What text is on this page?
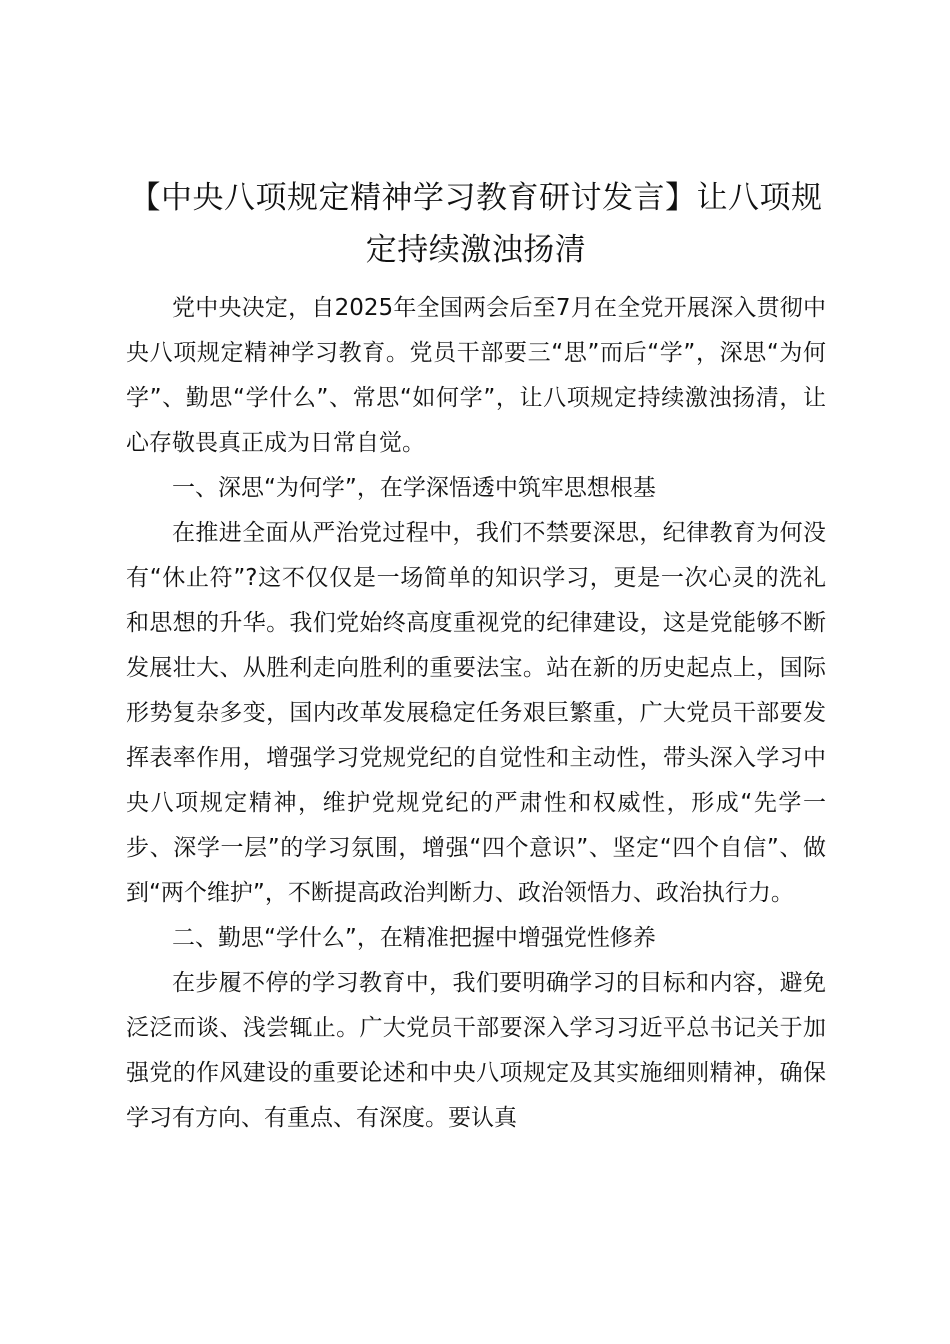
【中央八项规定精神学习教育研讨发言】让八项规定持续激浊扬清

党中央决定，自2025年全国两会后至7月在全党开展深入贯彻中央八项规定精神学习教育。党员干部要三“思”而后“学”，深思“为何学”、勤思“学什么”、常思“如何学”，让八项规定持续激浊扬清，让心存敬畏真正成为日常自觉。

一、深思“为何学”，在学深悟透中筑牢思想根基

在推进全面从严治党过程中，我们不禁要深思，纪律教育为何没有“休止符”?这不仅仅是一场简单的知识学习，更是一次心灵的洗礼和思想的升华。我们党始终高度重视党的纪律建设，这是党能够不断发展壮大、从胜利走向胜利的重要法宝。站在新的历史起点上，国际形势复杂多变，国内改革发展稳定任务艰巨繁重，广大党员干部要发挥表率作用，增强学习党规党纪的自觉性和主动性，带头深入学习中央八项规定精神，维护党规党纪的严肃性和权威性，形成“先学一步、深学一层”的学习氛围，增强“四个意识”、坚定“四个自信”、做到“两个维护”，不断提高政治判断力、政治领悟力、政治执行力。

二、勤思“学什么”，在精准把握中增强党性修养

在步履不停的学习教育中，我们要明确学习的目标和内容，避免泛泛而谈、浅尝辄止。广大党员干部要深入学习习近平总书记关于加强党的作风建设的重要论述和中央八项规定及其实施细则精神，确保学习有方向、有重点、有深度。要认真
